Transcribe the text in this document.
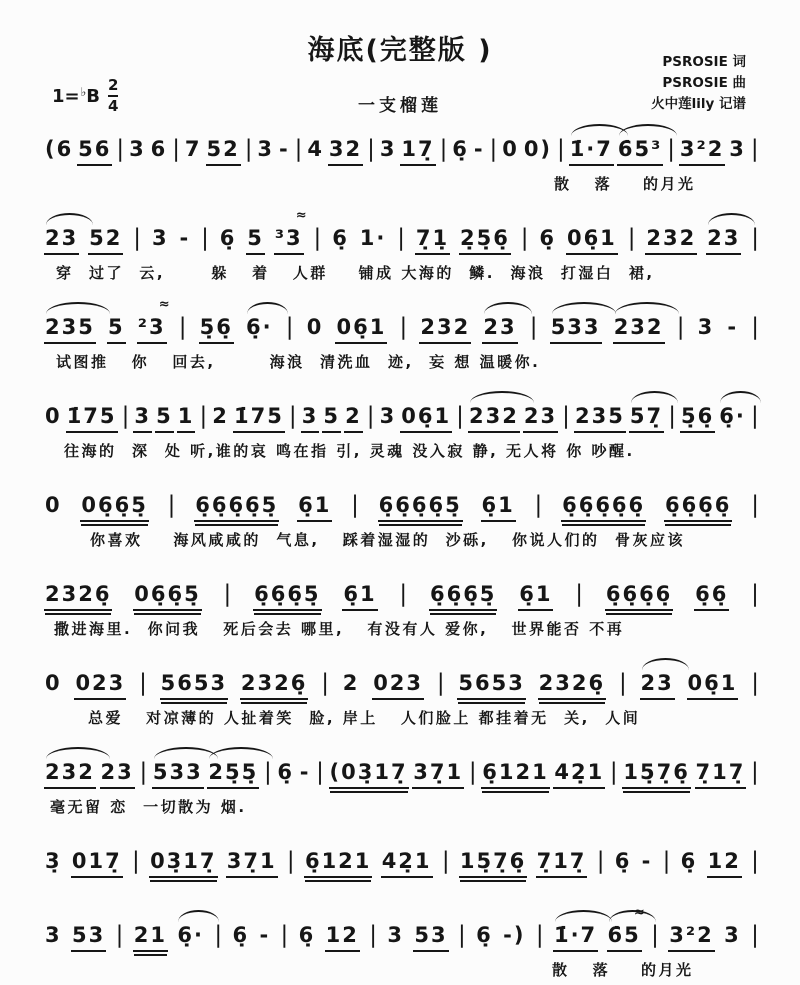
海底(完整版 )	PSROSIE 词
PSROSIE 曲
火中莲lily 记谱
$1=^♭B \frac{2}{4}$	一支榴莲
(6 56 | 3 6 | 7 52 | 3 - | 4 32 | 3 17̣ | 6̣ - | 0 0) | 1̇·7 6̇5³ | 3²2 3 |
散   落    的月光
23 52 | 3 - | 6̣ 5 ³3
≈
| 6̣ 1· | 7̣1̣ 2̣5̣6̣ | 6̣ 06̣1 | 232 23 |
穿  过了  云,      躲   着   人群    铺成 大海的  鳞.  海浪  打湿白  裙,
235 5 ²3
≈
| 5̣6̣ 6̣· | 0 06̣1 | 232 23 | 533 232 | 3 - |
试图推   你   回去,       海浪  清洗血  迹,  妄 想 温暖你.
0 1̇75 | 3 5 1 | 2 1̇75 | 3 5 2 | 3 06̣1 | 232 23 | 235 57̣ | 5̣6̣ 6̣· |
往海的  深  处 听,谁的哀 鸣在指 引, 灵魂 没入寂 静, 无人将 你 吵醒.
0 06̣6̣5̣ | 6̣6̣6̣6̣5̣ 6̣1 | 6̣6̣6̣6̣5̣ 6̣1 | 6̣6̣6̣6̣6̣ 6̣6̣6̣6̣ |
你喜欢    海风咸咸的  气息,   踩着湿湿的  沙砾,   你说人们的  骨灰应该
2326̣ 06̣6̣5̣ | 6̣6̣6̣5̣ 6̣1 | 6̣6̣6̣5̣ 6̣1 | 6̣6̣6̣6̣ 6̣6̣ |
撒进海里.  你问我   死后会去 哪里,   有没有人 爱你,   世界能否 不再
0 023 | 5653 2326̣ | 2 023 | 5653 2326̣ | 23 06̣1 |
总爱   对凉薄的 人扯着笑  脸, 岸上   人们脸上 都挂着无  关,  人间
232 23 | 533 25̣5̣ | 6̣ - | (03̣17̣ 37̣1 | 6̣121 42̣1 | 15̣7̣6̣ 7̣17̣ |
毫无留 恋  一切散为 烟.
3̣ 017̣ | 03̣17̣ 37̣1 | 6̣121 42̣1 | 15̣7̣6̣ 7̣17̣ | 6̣ - | 6̣ 12 |
3 53 | 21 6̣· | 6̣ - | 6̣ 12 | 3 53 | 6̣ -) | 1̇·7 6̇5
≈
| 3²2 3 |
散   落    的月光
